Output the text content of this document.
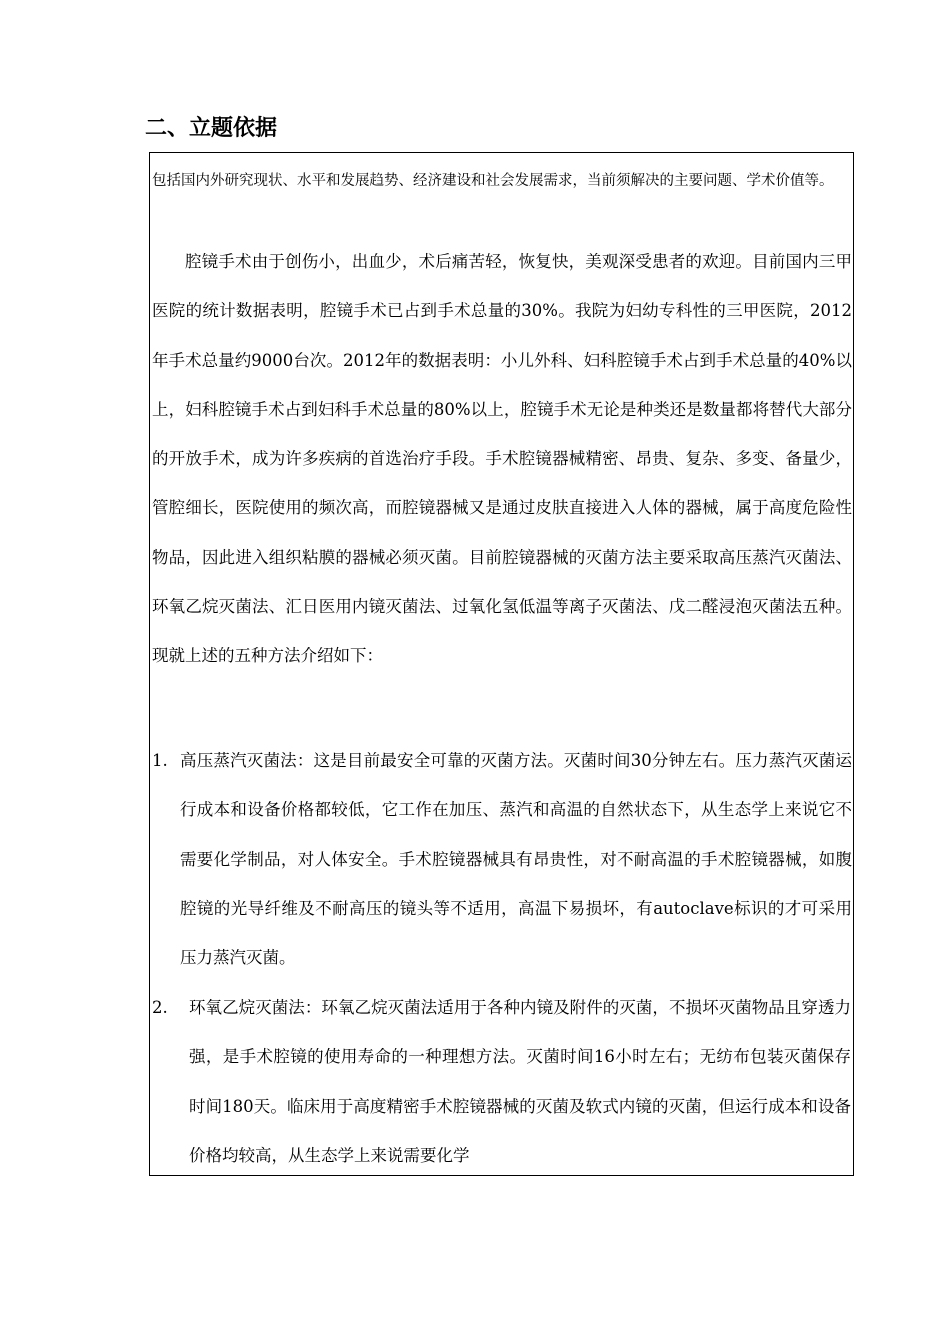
二、立题依据

包括国内外研究现状、水平和发展趋势、经济建设和社会发展需求，当前须解决的主要问题、学术价值等。

腔镜手术由于创伤小，出血少，术后痛苦轻，恢复快，美观深受患者的欢迎。目前国内三甲医院的统计数据表明，腔镜手术已占到手术总量的30%。我院为妇幼专科性的三甲医院，2012年手术总量约9000台次。2012年的数据表明：小儿外科、妇科腔镜手术占到手术总量的40%以上，妇科腔镜手术占到妇科手术总量的80%以上，腔镜手术无论是种类还是数量都将替代大部分的开放手术，成为许多疾病的首选治疗手段。手术腔镜器械精密、昂贵、复杂、多变、备量少，管腔细长，医院使用的频次高，而腔镜器械又是通过皮肤直接进入人体的器械，属于高度危险性物品，因此进入组织粘膜的器械必须灭菌。目前腔镜器械的灭菌方法主要采取高压蒸汽灭菌法、环氧乙烷灭菌法、汇日医用内镜灭菌法、过氧化氢低温等离子灭菌法、戊二醛浸泡灭菌法五种。现就上述的五种方法介绍如下：

1. 高压蒸汽灭菌法：这是目前最安全可靠的灭菌方法。灭菌时间30分钟左右。压力蒸汽灭菌运行成本和设备价格都较低，它工作在加压、蒸汽和高温的自然状态下，从生态学上来说它不需要化学制品，对人体安全。手术腔镜器械具有昂贵性，对不耐高温的手术腔镜器械，如腹腔镜的光导纤维及不耐高压的镜头等不适用，高温下易损坏，有autoclave标识的才可采用压力蒸汽灭菌。
2. 环氧乙烷灭菌法：环氧乙烷灭菌法适用于各种内镜及附件的灭菌，不损坏灭菌物品且穿透力强，是手术腔镜的使用寿命的一种理想方法。灭菌时间16小时左右；无纺布包装灭菌保存时间180天。临床用于高度精密手术腔镜器械的灭菌及软式内镜的灭菌，但运行成本和设备价格均较高，从生态学上来说需要化学
